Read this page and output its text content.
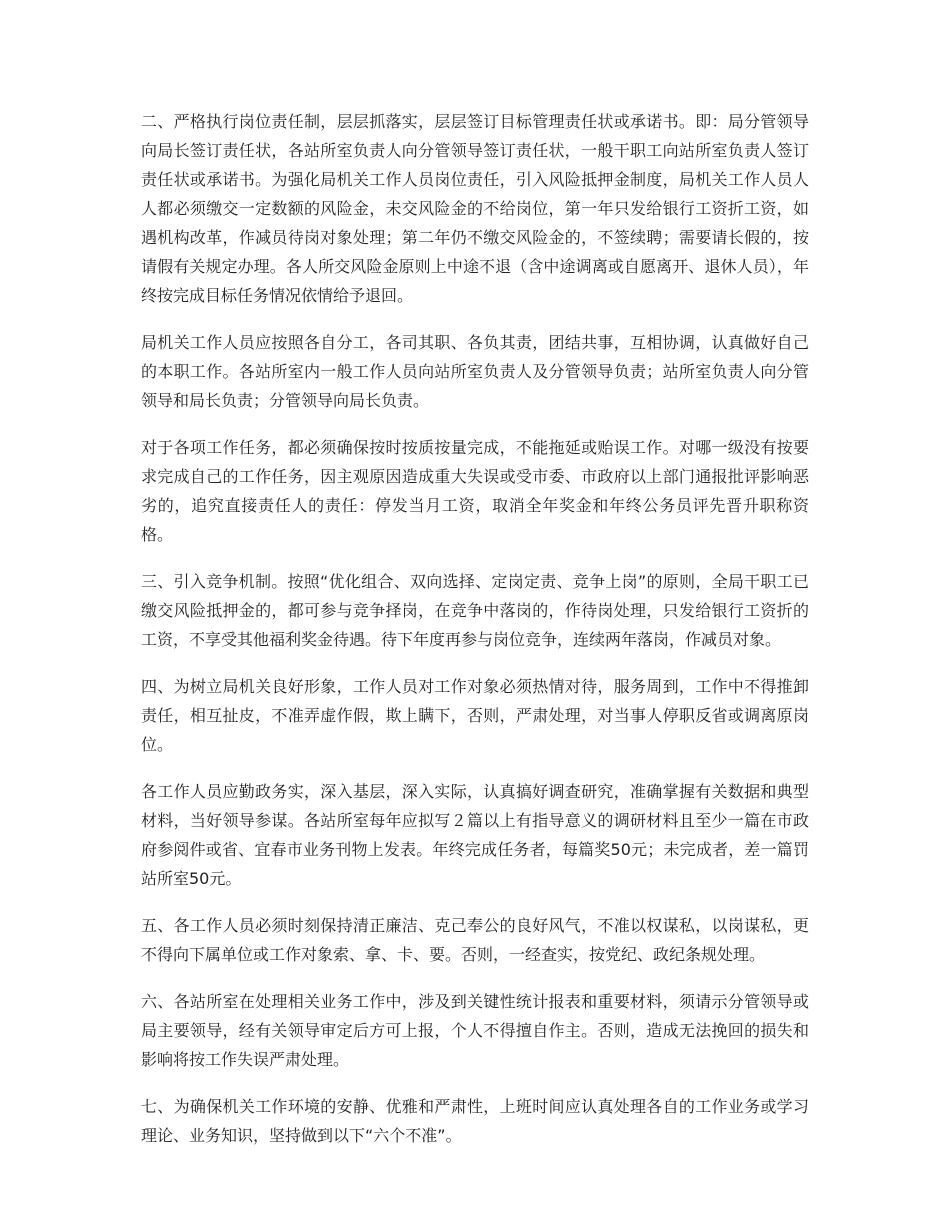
二、严格执行岗位责任制，层层抓落实，层层签订目标管理责任状或承诺书。即：局分管领导向局长签订责任状，各站所室负责人向分管领导签订责任状，一般干职工向站所室负责人签订责任状或承诺书。为强化局机关工作人员岗位责任，引入风险抵押金制度，局机关工作人员人人都必须缴交一定数额的风险金，未交风险金的不给岗位，第一年只发给银行工资折工资，如遇机构改革，作减员待岗对象处理；第二年仍不缴交风险金的，不签续聘；需要请长假的，按请假有关规定办理。各人所交风险金原则上中途不退（含中途调离或自愿离开、退休人员），年终按完成目标任务情况依情给予退回。

局机关工作人员应按照各自分工，各司其职、各负其责，团结共事，互相协调，认真做好自己的本职工作。各站所室内一般工作人员向站所室负责人及分管领导负责；站所室负责人向分管领导和局长负责；分管领导向局长负责。

对于各项工作任务，都必须确保按时按质按量完成，不能拖延或贻误工作。对哪一级没有按要求完成自己的工作任务，因主观原因造成重大失误或受市委、市政府以上部门通报批评影响恶劣的，追究直接责任人的责任：停发当月工资，取消全年奖金和年终公务员评先晋升职称资格。

三、引入竞争机制。按照“优化组合、双向选择、定岗定责、竞争上岗”的原则，全局干职工已缴交风险抵押金的，都可参与竞争择岗，在竞争中落岗的，作待岗处理，只发给银行工资折的工资，不享受其他福利奖金待遇。待下年度再参与岗位竞争，连续两年落岗，作减员对象。

四、为树立局机关良好形象，工作人员对工作对象必须热情对待，服务周到，工作中不得推卸责任，相互扯皮，不准弄虚作假，欺上瞒下，否则，严肃处理，对当事人停职反省或调离原岗位。

各工作人员应勤政务实，深入基层，深入实际，认真搞好调查研究，准确掌握有关数据和典型材料，当好领导参谋。各站所室每年应拟写２篇以上有指导意义的调研材料且至少一篇在市政府参阅件或省、宜春市业务刊物上发表。年终完成任务者，每篇奖50元；未完成者，差一篇罚站所室50元。

五、各工作人员必须时刻保持清正廉洁、克己奉公的良好风气，不准以权谋私，以岗谋私，更不得向下属单位或工作对象索、拿、卡、要。否则，一经查实，按党纪、政纪条规处理。

六、各站所室在处理相关业务工作中，涉及到关键性统计报表和重要材料，须请示分管领导或局主要领导，经有关领导审定后方可上报，个人不得擅自作主。否则，造成无法挽回的损失和影响将按工作失误严肃处理。

七、为确保机关工作环境的安静、优雅和严肃性，上班时间应认真处理各自的工作业务或学习理论、业务知识，坚持做到以下“六个不准”。
